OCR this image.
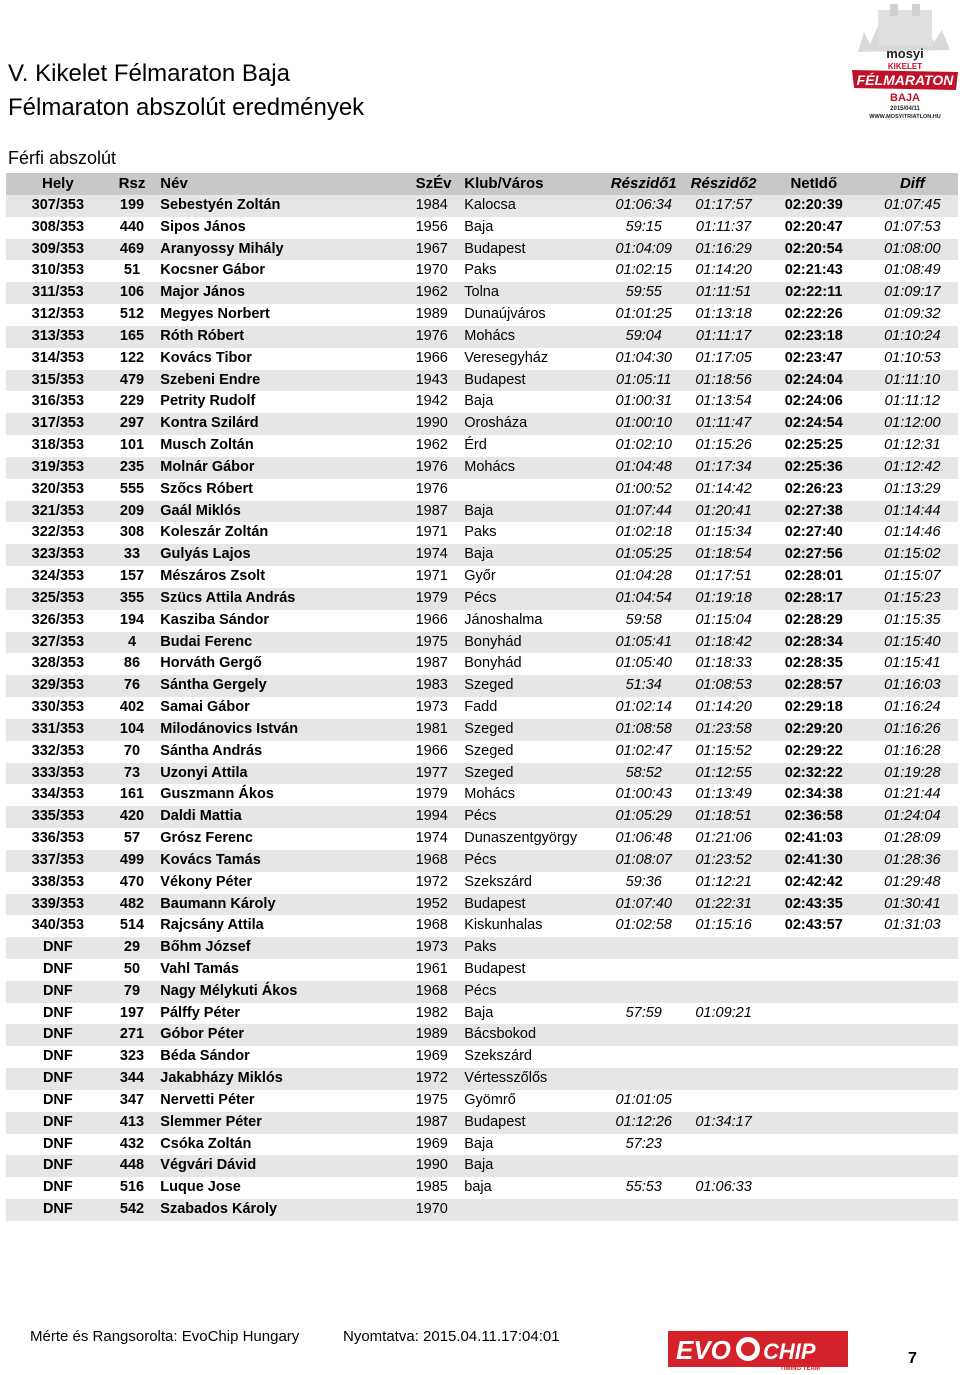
V. Kikelet Félmaraton Baja
Félmaraton abszolút eredmények
Férfi abszolút
mosyi
KIKELET
FÉLMARATON
BAJA
2015/04/11
WWW.MOSYITRIATLON.HU
Hely	Rsz	Név	SzÉv	Klub/Város	Részidő1	Részidő2	NetIdő	Diff
307/353	199	Sebestyén Zoltán	1984	Kalocsa	01:06:34	01:17:57	02:20:39	01:07:45
308/353	440	Sipos János	1956	Baja	59:15	01:11:37	02:20:47	01:07:53
309/353	469	Aranyossy Mihály	1967	Budapest	01:04:09	01:16:29	02:20:54	01:08:00
310/353	51	Kocsner Gábor	1970	Paks	01:02:15	01:14:20	02:21:43	01:08:49
311/353	106	Major János	1962	Tolna	59:55	01:11:51	02:22:11	01:09:17
312/353	512	Megyes Norbert	1989	Dunaújváros	01:01:25	01:13:18	02:22:26	01:09:32
313/353	165	Róth Róbert	1976	Mohács	59:04	01:11:17	02:23:18	01:10:24
314/353	122	Kovács Tibor	1966	Veresegyház	01:04:30	01:17:05	02:23:47	01:10:53
315/353	479	Szebeni Endre	1943	Budapest	01:05:11	01:18:56	02:24:04	01:11:10
316/353	229	Petrity Rudolf	1942	Baja	01:00:31	01:13:54	02:24:06	01:11:12
317/353	297	Kontra Szilárd	1990	Orosháza	01:00:10	01:11:47	02:24:54	01:12:00
318/353	101	Musch Zoltán	1962	Érd	01:02:10	01:15:26	02:25:25	01:12:31
319/353	235	Molnár Gábor	1976	Mohács	01:04:48	01:17:34	02:25:36	01:12:42
320/353	555	Szőcs Róbert	1976		01:00:52	01:14:42	02:26:23	01:13:29
321/353	209	Gaál Miklós	1987	Baja	01:07:44	01:20:41	02:27:38	01:14:44
322/353	308	Koleszár Zoltán	1971	Paks	01:02:18	01:15:34	02:27:40	01:14:46
323/353	33	Gulyás Lajos	1974	Baja	01:05:25	01:18:54	02:27:56	01:15:02
324/353	157	Mészáros Zsolt	1971	Győr	01:04:28	01:17:51	02:28:01	01:15:07
325/353	355	Szücs Attila András	1979	Pécs	01:04:54	01:19:18	02:28:17	01:15:23
326/353	194	Kasziba Sándor	1966	Jánoshalma	59:58	01:15:04	02:28:29	01:15:35
327/353	4	Budai Ferenc	1975	Bonyhád	01:05:41	01:18:42	02:28:34	01:15:40
328/353	86	Horváth Gergő	1987	Bonyhád	01:05:40	01:18:33	02:28:35	01:15:41
329/353	76	Sántha Gergely	1983	Szeged	51:34	01:08:53	02:28:57	01:16:03
330/353	402	Samai Gábor	1973	Fadd	01:02:14	01:14:20	02:29:18	01:16:24
331/353	104	Milodánovics István	1981	Szeged	01:08:58	01:23:58	02:29:20	01:16:26
332/353	70	Sántha András	1966	Szeged	01:02:47	01:15:52	02:29:22	01:16:28
333/353	73	Uzonyi Attila	1977	Szeged	58:52	01:12:55	02:32:22	01:19:28
334/353	161	Guszmann Ákos	1979	Mohács	01:00:43	01:13:49	02:34:38	01:21:44
335/353	420	Daldi Mattia	1994	Pécs	01:05:29	01:18:51	02:36:58	01:24:04
336/353	57	Grósz Ferenc	1974	Dunaszentgyörgy	01:06:48	01:21:06	02:41:03	01:28:09
337/353	499	Kovács Tamás	1968	Pécs	01:08:07	01:23:52	02:41:30	01:28:36
338/353	470	Vékony Péter	1972	Szekszárd	59:36	01:12:21	02:42:42	01:29:48
339/353	482	Baumann Károly	1952	Budapest	01:07:40	01:22:31	02:43:35	01:30:41
340/353	514	Rajcsány Attila	1968	Kiskunhalas	01:02:58	01:15:16	02:43:57	01:31:03
DNF	29	Bőhm József	1973	Paks				
DNF	50	Vahl Tamás	1961	Budapest				
DNF	79	Nagy Mélykuti Ákos	1968	Pécs				
DNF	197	Pálffy Péter	1982	Baja	57:59	01:09:21		
DNF	271	Góbor Péter	1989	Bácsbokod				
DNF	323	Béda Sándor	1969	Szekszárd				
DNF	344	Jakabházy Miklós	1972	Vértesszőlős				
DNF	347	Nervetti Péter	1975	Gyömrő	01:01:05			
DNF	413	Slemmer Péter	1987	Budapest	01:12:26	01:34:17		
DNF	432	Csóka Zoltán	1969	Baja	57:23			
DNF	448	Végvári Dávid	1990	Baja				
DNF	516	Luque Jose	1985	baja	55:53	01:06:33		
DNF	542	Szabados Károly	1970					
Mérte és Rangsorolta: EvoChip Hungary	Nyomtatva: 2015.04.11.17:04:01	EVO CHIP
TIMING TEAM
7
